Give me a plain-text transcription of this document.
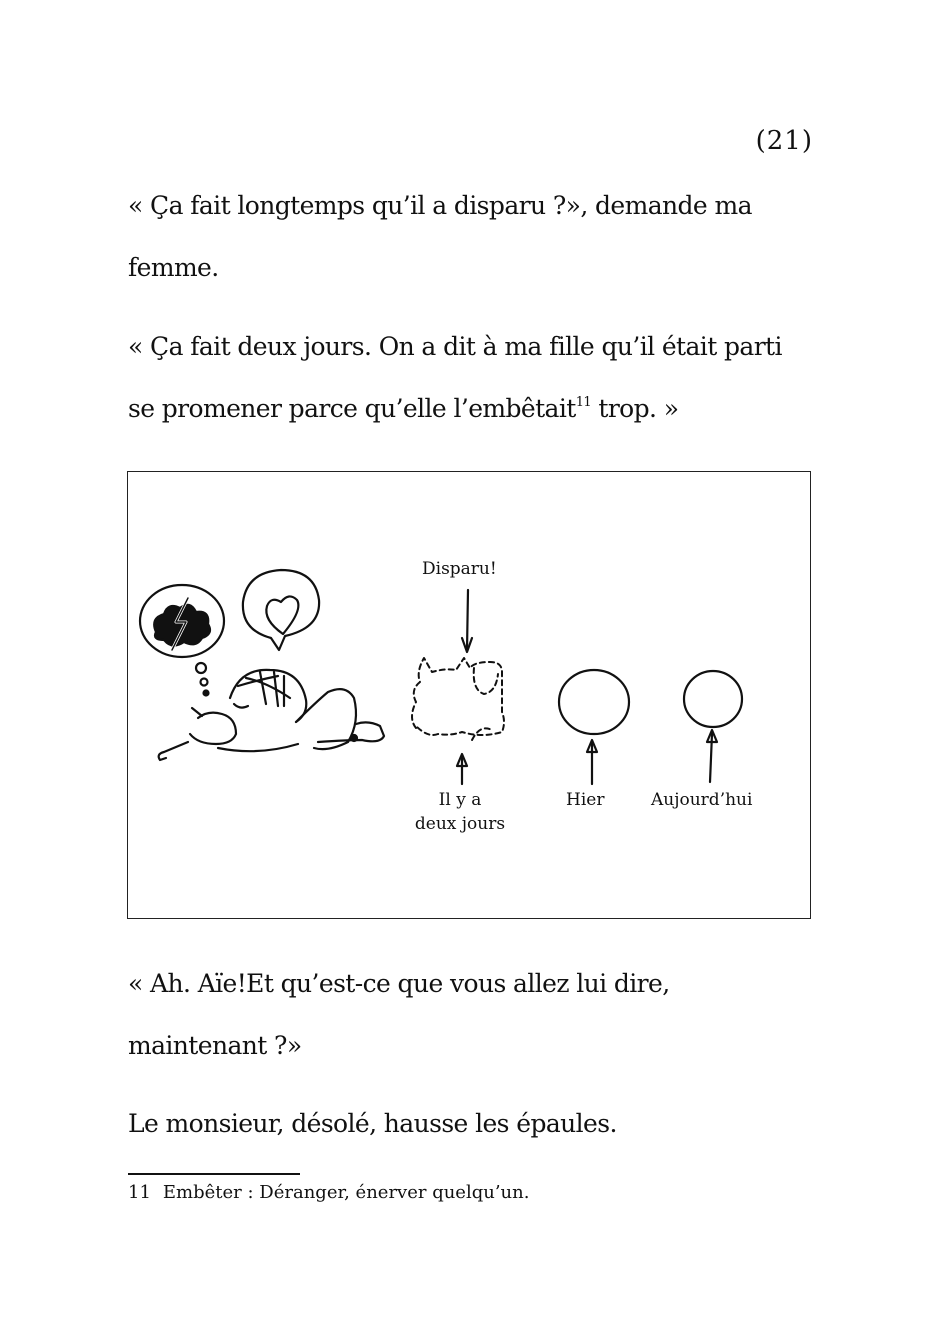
(21)
« Ça fait longtemps qu’il a disparu ?», demande ma
femme.
« Ça fait deux jours. On a dit à ma fille qu’il était parti
se promener parce qu’elle l’embêtait$^{11}$ trop. »
Disparu!
Il y a
deux jours
Hier	Aujourd’hui
« Ah. Aïe!Et qu’est-ce que vous allez lui dire,
maintenant ?»
Le monsieur, désolé, hausse les épaules.
11 Embêter : Déranger, énerver quelqu’un.
